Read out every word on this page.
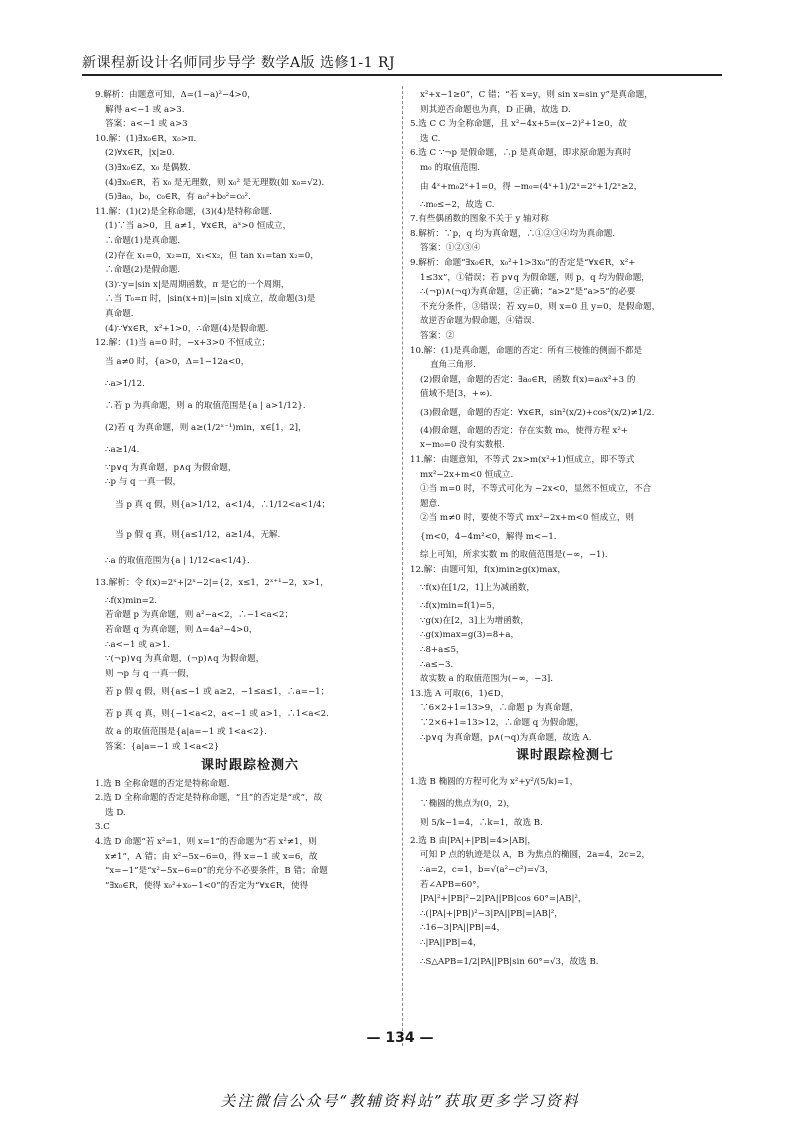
新课程新设计名师同步导学 数学A版 选修1-1 RJ
9.解析：由题意可知，Δ=(1−a)²−4>0，
解得 a<−1 或 a>3.
答案：a<−1 或 a>3
10.解：(1)∃x₀∈R，x₀>π.
(2)∀x∈R，|x|≥0.
(3)∃x₀∈Z，x₀ 是偶数.
(4)∃x₀∈R，若 x₀ 是无理数，则 x₀² 是无理数(如 x₀=√2).
(5)∃a₀，b₀，c₀∈R，有 a₀²+b₀²=c₀².
11.解：(1)(2)是全称命题，(3)(4)是特称命题.
(1)∵当 a>0，且 a≠1，∀x∈R，aˣ>0 恒成立，
∴命题(1)是真命题.
(2)存在 x₁=0，x₂=π，x₁<x₂，但 tan x₁=tan x₂=0，
∴命题(2)是假命题.
(3)∵y=|sin x|是周期函数，π 是它的一个周期，
∴当 T₀=π 时，|sin(x+π)|=|sin x|成立，故命题(3)是
真命题.
(4)∵∀x∈R，x²+1>0，∴命题(4)是假命题.
12.解：(1)当 a=0 时，−x+3>0 不恒成立；
当 a≠0 时，{a>0，Δ=1−12a<0，
∴a>1/12.
∴若 p 为真命题，则 a 的取值范围是{a | a>1/12}.
(2)若 q 为真命题，则 a≥(1/2ˣ⁻¹)min，x∈[1，2]，
∴a≥1/4.
∵p∨q 为真命题，p∧q 为假命题，
∴p 与 q 一真一假，
当 p 真 q 假，则{a>1/12，a<1/4，∴1/12<a<1/4；
当 p 假 q 真，则{a≤1/12，a≥1/4，无解.
∴a 的取值范围为{a | 1/12<a<1/4}.
13.解析：令 f(x)=2ˣ+|2ˣ−2|={2，x≤1，2ˣ⁺¹−2，x>1，
∴f(x)min=2.
若命题 p 为真命题，则 a²−a<2，∴−1<a<2；
若命题 q 为真命题，则 Δ=4a²−4>0，
∴a<−1 或 a>1.
∵(¬p)∨q 为真命题，(¬p)∧q 为假命题，
则 ¬p 与 q 一真一假，
若 p 假 q 假，则{a≤−1 或 a≥2，−1≤a≤1，∴a=−1；
若 p 真 q 真，则{−1<a<2，a<−1 或 a>1，∴1<a<2.
故 a 的取值范围是{a|a=−1 或 1<a<2}.
答案：{a|a=−1 或 1<a<2}
课时跟踪检测六
1.选 B 全称命题的否定是特称命题.
2.选 D 全称命题的否定是特称命题，“且”的否定是“或”，故
选 D.
3.C
4.选 D 命题“若 x²=1，则 x=1”的否命题为“若 x²≠1，则
x≠1”，A 错；由 x²−5x−6=0，得 x=−1 或 x=6，故
“x=−1”是“x²−5x−6=0”的充分不必要条件，B 错；命题
“∃x₀∈R，使得 x₀²+x₀−1<0”的否定为“∀x∈R，使得
x²+x−1≥0”，C 错；“若 x=y，则 sin x=sin y”是真命题，
则其逆否命题也为真，D 正确，故选 D.
5.选 C C 为全称命题，且 x²−4x+5=(x−2)²+1≥0，故
选 C.
6.选 C ∵¬p 是假命题，∴p 是真命题，即求原命题为真时
m₀ 的取值范围.
由 4ˣ+m₀2ˣ+1=0，得 −m₀=(4ˣ+1)/2ˣ=2ˣ+1/2ˣ≥2，
∴m₀≤−2，故选 C.
7.有些偶函数的图象不关于 y 轴对称
8.解析：∵p，q 均为真命题，∴①②③④均为真命题.
答案：①②③④
9.解析：命题“∃x₀∈R，x₀²+1>3x₀”的否定是“∀x∈R，x²+
1≤3x”，①错误；若 p∨q 为假命题，则 p，q 均为假命题，
∴(¬p)∧(¬q)为真命题，②正确；“a>2”是“a>5”的必要
不充分条件，③错误；若 xy=0，则 x=0 且 y=0，是假命题，
故逆否命题为假命题，④错误.
答案：②
10.解：(1)是真命题，命题的否定：所有三棱锥的侧面不都是
直角三角形.
(2)假命题，命题的否定：∃a₀∈R，函数 f(x)=a₀x²+3 的
值域不是[3，+∞).
(3)假命题，命题的否定：∀x∈R，sin²(x/2)+cos²(x/2)≠1/2.
(4)假命题，命题的否定：存在实数 m₀，使得方程 x²+
x−m₀=0 没有实数根.
11.解：由题意知，不等式 2x>m(x²+1)恒成立，即不等式
mx²−2x+m<0 恒成立.
①当 m=0 时，不等式可化为 −2x<0，显然不恒成立，不合
题意.
②当 m≠0 时，要使不等式 mx²−2x+m<0 恒成立，则
{m<0，4−4m²<0，解得 m<−1.
综上可知，所求实数 m 的取值范围是(−∞，−1).
12.解：由题可知，f(x)min≥g(x)max，
∵f(x)在[1/2，1]上为减函数，
∴f(x)min=f(1)=5，
∵g(x)在[2，3]上为增函数，
∴g(x)max=g(3)=8+a，
∴8+a≤5，
∴a≤−3.
故实数 a 的取值范围为(−∞，−3].
13.选 A 可取(6，1)∈D，
∵6×2+1=13>9，∴命题 p 为真命题，
∵2×6+1=13>12，∴命题 q 为假命题，
∴p∨q 为真命题，p∧(¬q)为真命题，故选 A.
课时跟踪检测七
1.选 B 椭圆的方程可化为 x²+y²/(5/k)=1，
∵椭圆的焦点为(0，2)，
则 5/k−1=4，∴k=1，故选 B.
2.选 B 由|PA|+|PB|=4>|AB|，
可知 P 点的轨迹是以 A，B 为焦点的椭圆，2a=4，2c=2，
∴a=2，c=1，b=√(a²−c²)=√3，
若∠APB=60°，
|PA|²+|PB|²−2|PA||PB|cos 60°=|AB|²，
∴(|PA|+|PB|)²−3|PA||PB|=|AB|²，
∴16−3|PA||PB|=4，
∴|PA||PB|=4，
∴S△APB=1/2|PA||PB|sin 60°=√3，故选 B.
— 134 —
关注微信公众号“教辅资料站”获取更多学习资料
